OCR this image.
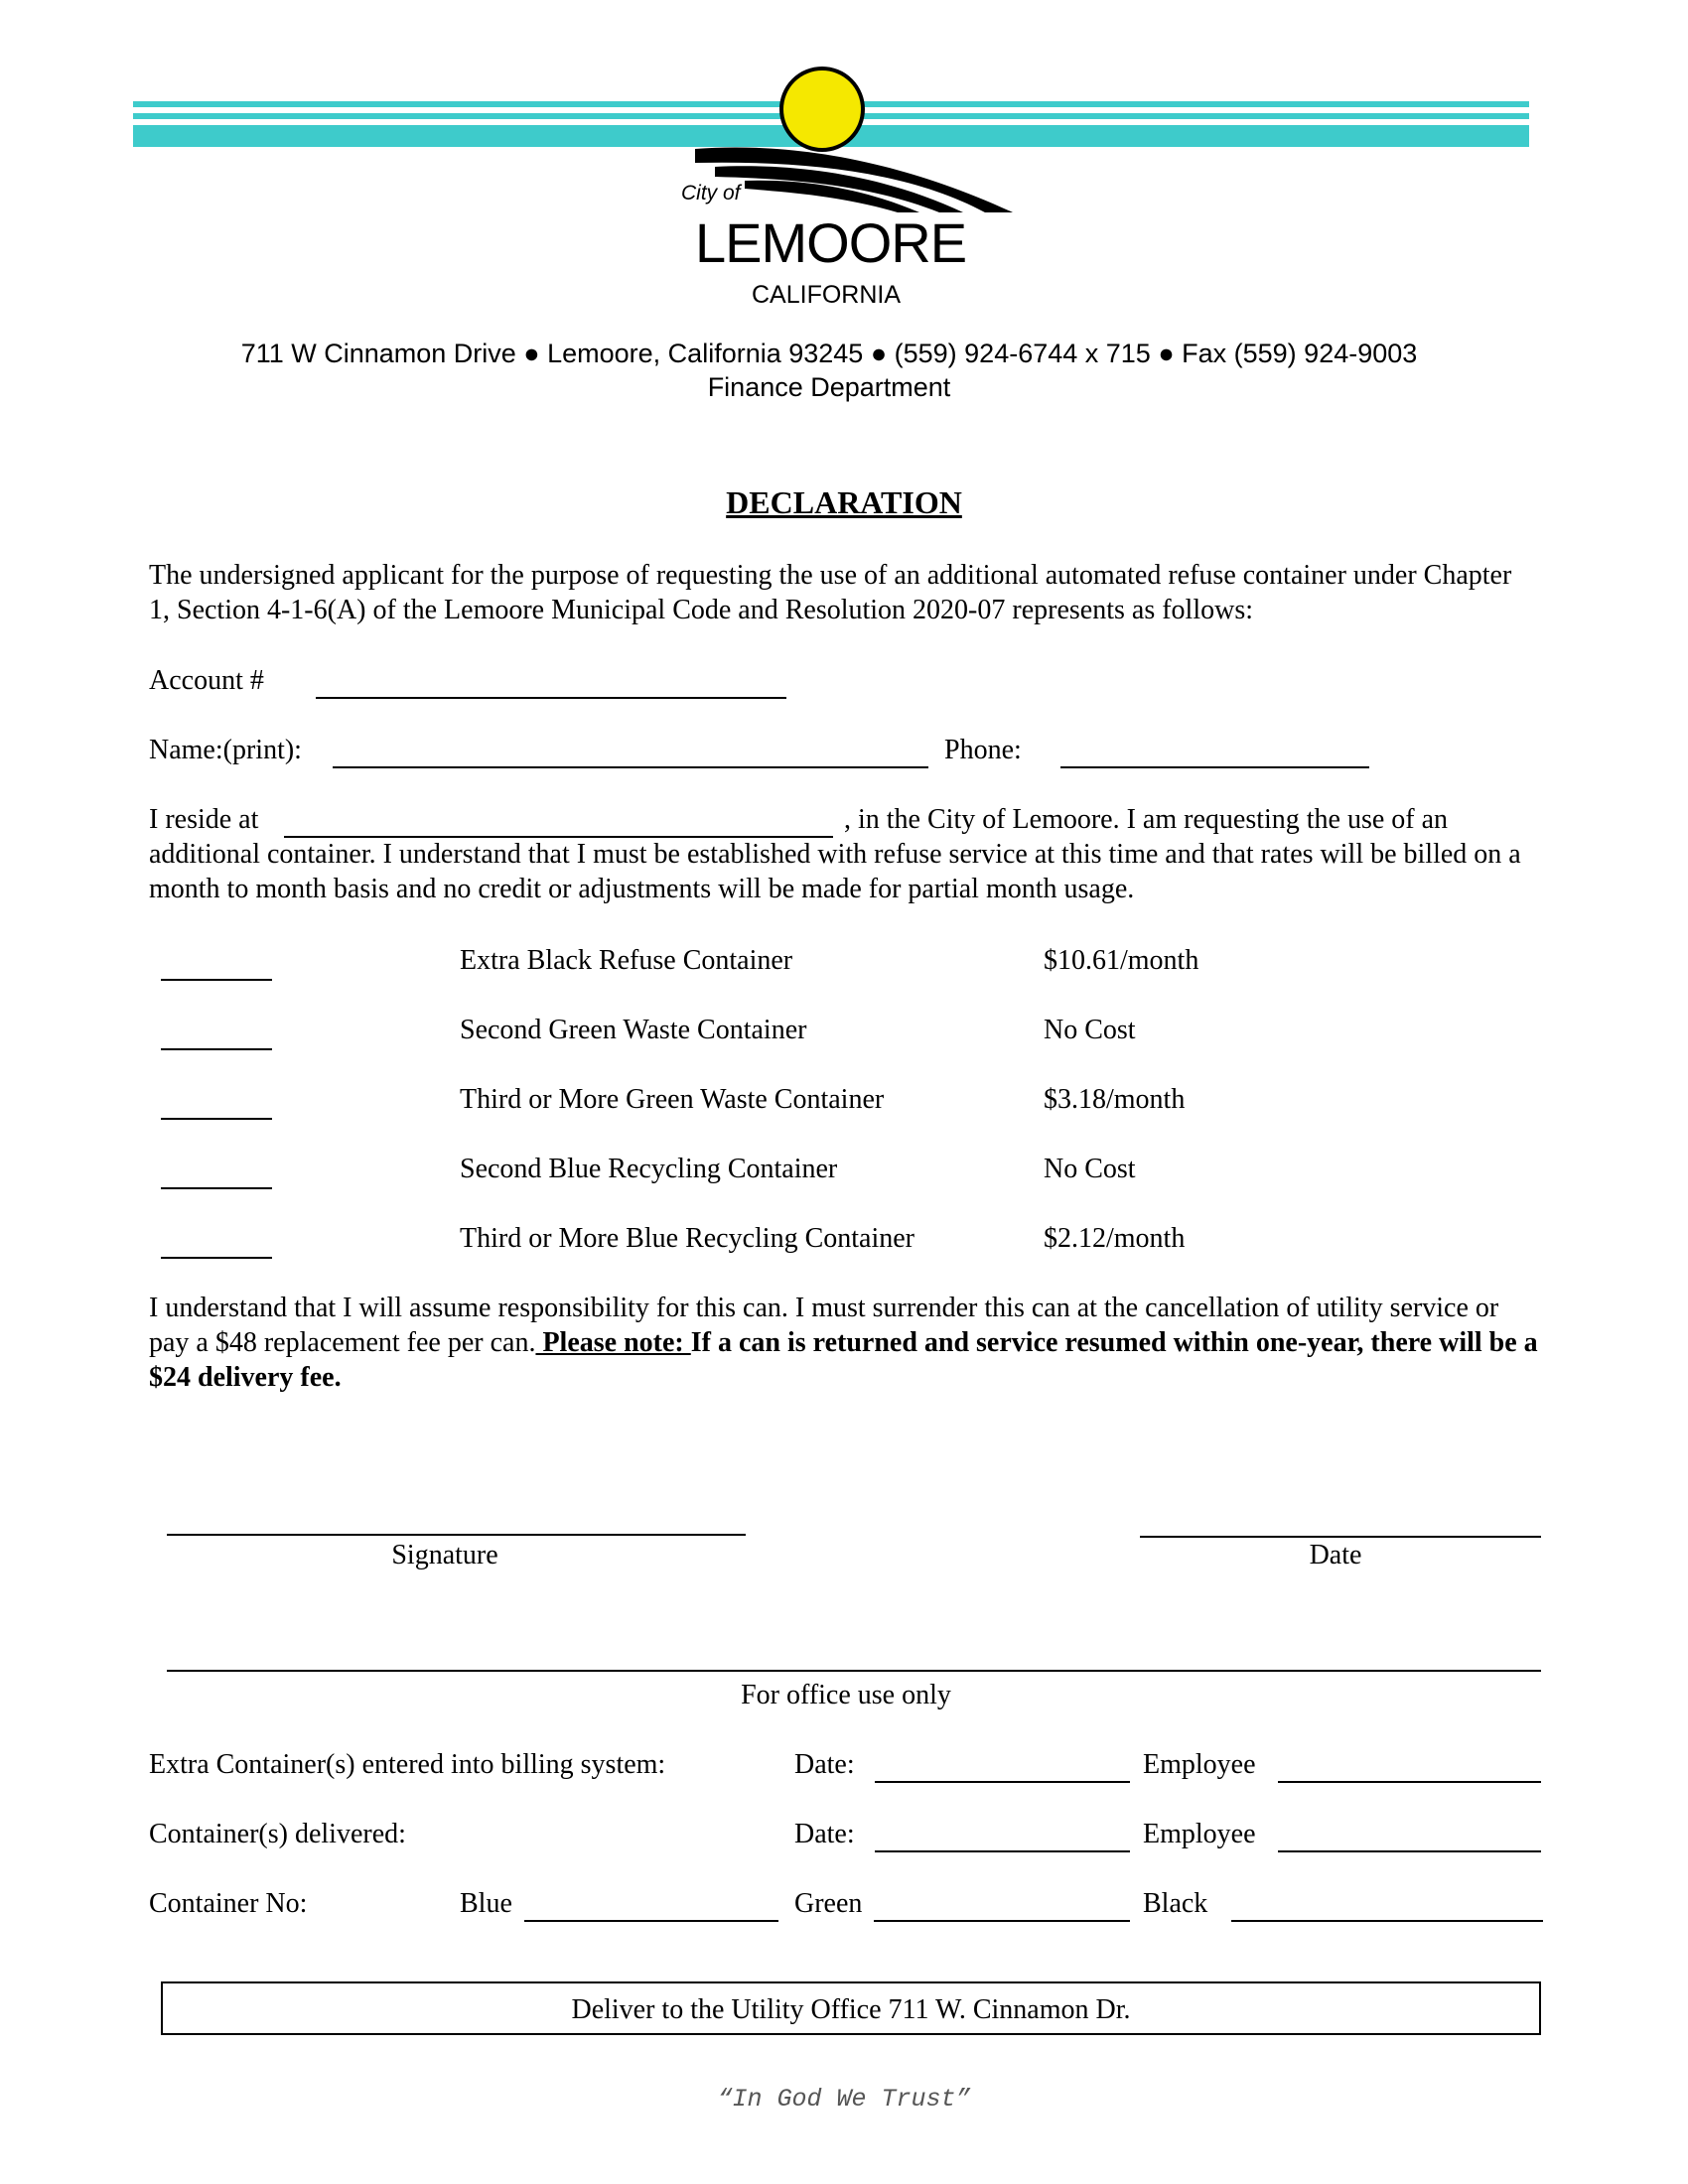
City of
LEMOORE
CALIFORNIA
711 W Cinnamon Drive ● Lemoore, California 93245 ● (559) 924-6744 x 715 ● Fax (559) 924-9003
Finance Department
DECLARATION
The undersigned applicant for the purpose of requesting the use of an additional automated refuse container under Chapter 1, Section 4-1-6(A) of the Lemoore Municipal Code and Resolution 2020-07 represents as follows:
Account #
Name:(print):	Phone:
I reside at	, in the City of Lemoore. I am requesting the use of an
additional container. I understand that I must be established with refuse service at this time and that rates will be billed on a month to month basis and no credit or adjustments will be made for partial month usage.
Extra Black Refuse Container	$10.61/month
Second Green Waste Container	No Cost
Third or More Green Waste Container	$3.18/month
Second Blue Recycling Container	No Cost
Third or More Blue Recycling Container	$2.12/month
I understand that I will assume responsibility for this can. I must surrender this can at the cancellation of utility service or pay a $48 replacement fee per can. Please note: If a can is returned and service resumed within one-year, there will be a $24 delivery fee.
Signature	Date
For office use only
Extra Container(s) entered into billing system:	Date:	Employee
Container(s) delivered:	Date:	Employee
Container No:	Blue	Green	Black
Deliver to the Utility Office 711 W. Cinnamon Dr.
“In God We Trust”
